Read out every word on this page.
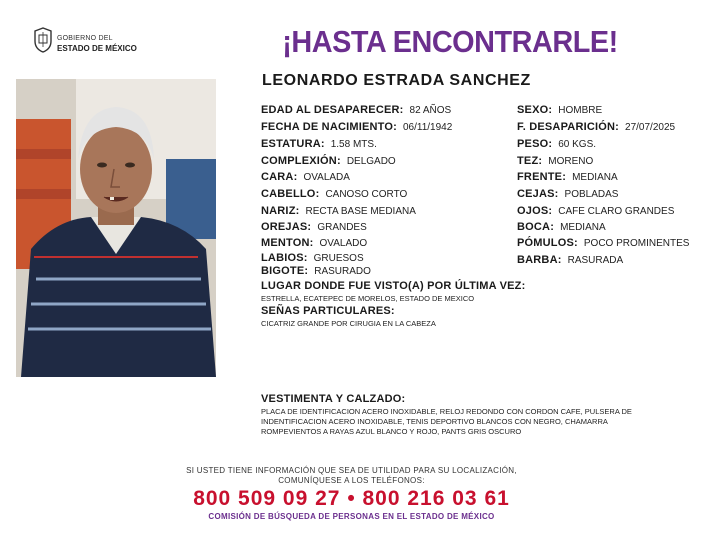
GOBIERNO DEL
ESTADO DE MÉXICO	¡HASTA ENCONTRARLE!
LEONARDO ESTRADA SANCHEZ
EDAD AL DESAPARECER: 82 AÑOS
FECHA DE NACIMIENTO: 06/11/1942
ESTATURA: 1.58 MTS.
COMPLEXIÓN: DELGADO
CARA: OVALADA
CABELLO: CANOSO CORTO
NARIZ: RECTA BASE MEDIANA
OREJAS: GRANDES
MENTON: OVALADO
LABIOS: GRUESOS
BIGOTE: RASURADO
SEXO: HOMBRE
F. DESAPARICIÓN: 27/07/2025
PESO: 60 KGS.
TEZ: MORENO
FRENTE: MEDIANA
CEJAS: POBLADAS
OJOS: CAFE CLARO GRANDES
BOCA: MEDIANA
PÓMULOS: POCO PROMINENTES
BARBA: RASURADA
LUGAR DONDE FUE VISTO(A) POR ÚLTIMA VEZ:
ESTRELLA, ECATEPEC DE MORELOS, ESTADO DE MEXICO
SEÑAS PARTICULARES:
CICATRIZ GRANDE POR CIRUGIA EN LA CABEZA
VESTIMENTA Y CALZADO:
PLACA DE IDENTIFICACION ACERO INOXIDABLE, RELOJ REDONDO CON CORDON CAFE, PULSERA DE INDENTIFICACION ACERO INOXIDABLE, TENIS DEPORTIVO BLANCOS CON NEGRO, CHAMARRA ROMPEVIENTOS A RAYAS AZUL BLANCO Y ROJO, PANTS GRIS OSCURO
SI USTED TIENE INFORMACIÓN QUE SEA DE UTILIDAD PARA SU LOCALIZACIÓN,
COMUNÍQUESE A LOS TELÉFONOS:
800 509 09 27 • 800 216 03 61
COMISIÓN DE BÚSQUEDA DE PERSONAS EN EL ESTADO DE MÉXICO
